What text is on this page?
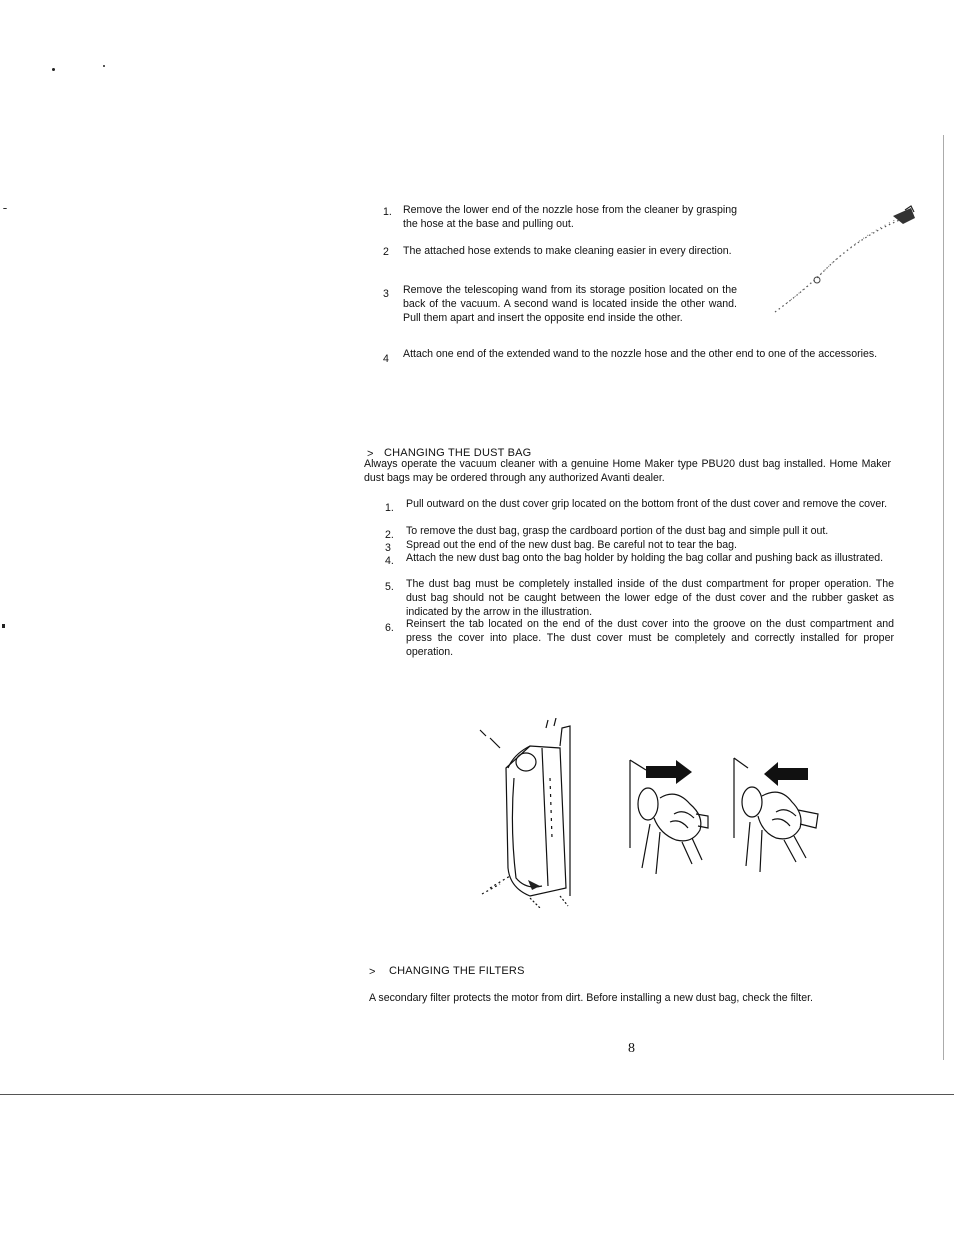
1. Remove the lower end of the nozzle hose from the cleaner by grasping the hose at the base and pulling out.
2 The attached hose extends to make cleaning easier in every direction.
3 Remove the telescoping wand from its storage position located on the back of the vacuum. A second wand is located inside the other wand. Pull them apart and insert the opposite end inside the other.
4 Attach one end of the extended wand to the nozzle hose and the other end to one of the accessories.
> CHANGING THE DUST BAG
Always operate the vacuum cleaner with a genuine Home Maker type PBU20 dust bag installed. Home Maker dust bags may be ordered through any authorized Avanti dealer.
1. Pull outward on the dust cover grip located on the bottom front of the dust cover and remove the cover.
2. To remove the dust bag, grasp the cardboard portion of the dust bag and simple pull it out.
3 Spread out the end of the new dust bag. Be careful not to tear the bag.
4. Attach the new dust bag onto the bag holder by holding the bag collar and pushing back as illustrated.
5. The dust bag must be completely installed inside of the dust compartment for proper operation. The dust bag should not be caught between the lower edge of the dust cover and the rubber gasket as indicated by the arrow in the illustration.
6. Reinsert the tab located on the end of the dust cover into the groove on the dust compartment and press the cover into place. The dust cover must be completely and correctly installed for proper operation.
> CHANGING THE FILTERS
A secondary filter protects the motor from dirt. Before installing a new dust bag, check the filter.
8
